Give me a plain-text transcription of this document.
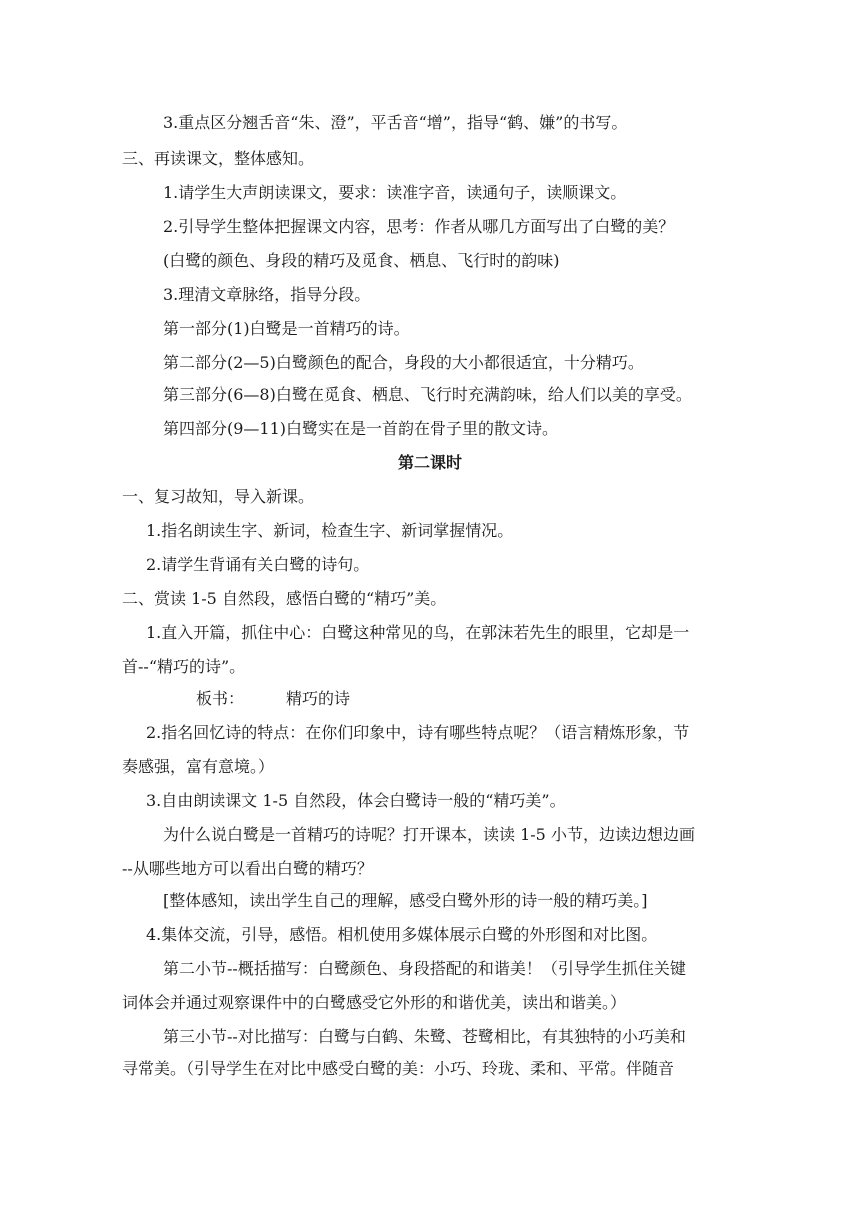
3.重点区分翘舌音“朱、澄”，平舌音“增”，指导“鹤、嫌”的书写。
三、再读课文，整体感知。
1.请学生大声朗读课文，要求：读准字音，读通句子，读顺课文。
2.引导学生整体把握课文内容，思考：作者从哪几方面写出了白鹭的美？
(白鹭的颜色、身段的精巧及觅食、栖息、飞行时的韵味)
3.理清文章脉络，指导分段。
第一部分(1)白鹭是一首精巧的诗。
第二部分(2—5)白鹭颜色的配合，身段的大小都很适宜，十分精巧。
第三部分(6—8)白鹭在觅食、栖息、飞行时充满韵味，给人们以美的享受。
第四部分(9—11)白鹭实在是一首韵在骨子里的散文诗。
第二课时
一、复习故知，导入新课。
1.指名朗读生字、新词，检查生字、新词掌握情况。
2.请学生背诵有关白鹭的诗句。
二、赏读 1-5 自然段，感悟白鹭的“精巧”美。
1.直入开篇，抓住中心：白鹭这种常见的鸟，在郭沫若先生的眼里，它却是一
首--“精巧的诗”。
板书：	精巧的诗
2.指名回忆诗的特点：在你们印象中，诗有哪些特点呢？（语言精炼形象，节
奏感强，富有意境。）
3.自由朗读课文 1-5 自然段，体会白鹭诗一般的“精巧美”。
为什么说白鹭是一首精巧的诗呢？打开课本，读读 1-5 小节，边读边想边画
--从哪些地方可以看出白鹭的精巧？
[整体感知，读出学生自己的理解，感受白鹭外形的诗一般的精巧美。]
4.集体交流，引导，感悟。相机使用多媒体展示白鹭的外形图和对比图。
第二小节--概括描写：白鹭颜色、身段搭配的和谐美！（引导学生抓住关键
词体会并通过观察课件中的白鹭感受它外形的和谐优美，读出和谐美。）
第三小节--对比描写：白鹭与白鹤、朱鹭、苍鹭相比，有其独特的小巧美和
寻常美。（引导学生在对比中感受白鹭的美：小巧、玲珑、柔和、平常。伴随音
